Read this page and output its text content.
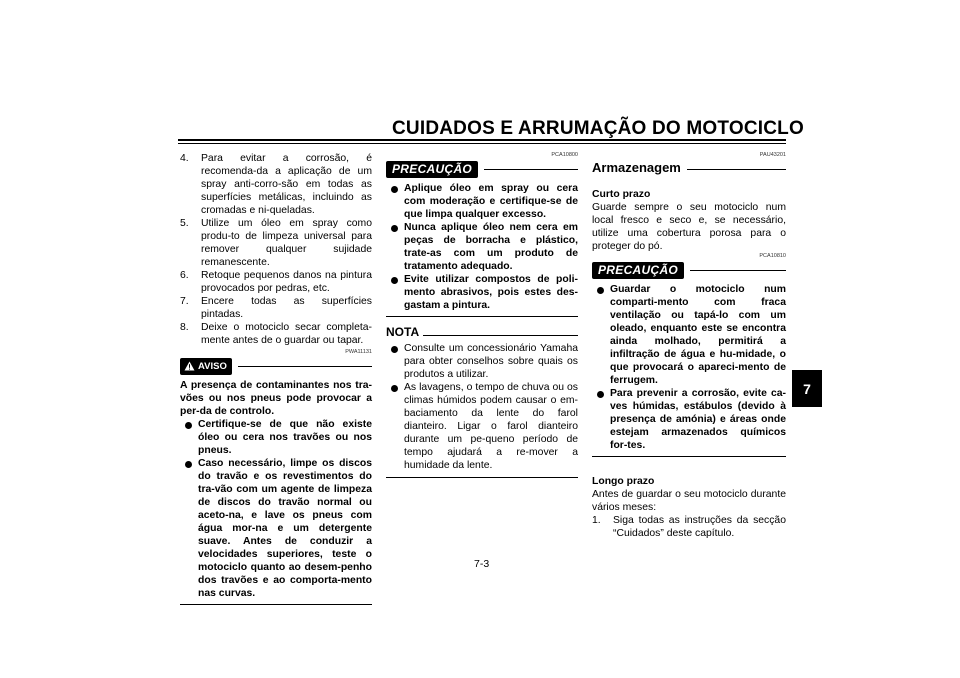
CUIDADOS E ARRUMAÇÃO DO MOTOCICLO
4.	Para evitar a corrosão, é recomenda-da a aplicação de um spray anti-corro-são em todas as superfícies metálicas, incluindo as cromadas e ni-queladas.
5.	Utilize um óleo em spray como produ-to de limpeza universal para remover qualquer sujidade remanescente.
6.	Retoque pequenos danos na pintura provocados por pedras, etc.
7.	Encere todas as superfícies pintadas.
8.	Deixe o motociclo secar completa-mente antes de o guardar ou tapar.
PWA11131
AVISO
A presença de contaminantes nos tra-vões ou nos pneus pode provocar a per-da de controlo.
Certifique-se de que não existe óleo ou cera nos travões ou nos pneus.
Caso necessário, limpe os discos do travão e os revestimentos do tra-vão com um agente de limpeza de discos do travão normal ou aceto-na, e lave os pneus com água mor-na e um detergente suave. Antes de conduzir a velocidades superiores, teste o motociclo quanto ao desem-penho dos travões e ao comporta-mento nas curvas.
PCA10800
PRECAUÇÃO
Aplique óleo em spray ou cera com moderação e certifique-se de que limpa qualquer excesso.
Nunca aplique óleo nem cera em peças de borracha e plástico, trate-as com um produto de tratamento adequado.
Evite utilizar compostos de poli-mento abrasivos, pois estes des-gastam a pintura.
NOTA
Consulte um concessionário Yamaha para obter conselhos sobre quais os produtos a utilizar.
As lavagens, o tempo de chuva ou os climas húmidos podem causar o em-baciamento da lente do farol dianteiro. Ligar o farol dianteiro durante um pe-queno período de tempo ajudará a re-mover a humidade da lente.
PAU43201
Armazenagem
Curto prazo
Guarde sempre o seu motociclo num local fresco e seco e, se necessário, utilize uma cobertura porosa para o proteger do pó.
PCA10810
PRECAUÇÃO
Guardar o motociclo num comparti-mento com fraca ventilação ou tapá-lo com um oleado, enquanto este se encontra ainda molhado, permitirá a infiltração de água e hu-midade, o que provocará o apareci-mento de ferrugem.
Para prevenir a corrosão, evite ca-ves húmidas, estábulos (devido à presença de amónia) e áreas onde estejam armazenados químicos for-tes.
Longo prazo
Antes de guardar o seu motociclo durante vários meses:
1.	Siga todas as instruções da secção “Cuidados” deste capítulo.
7-3
7
